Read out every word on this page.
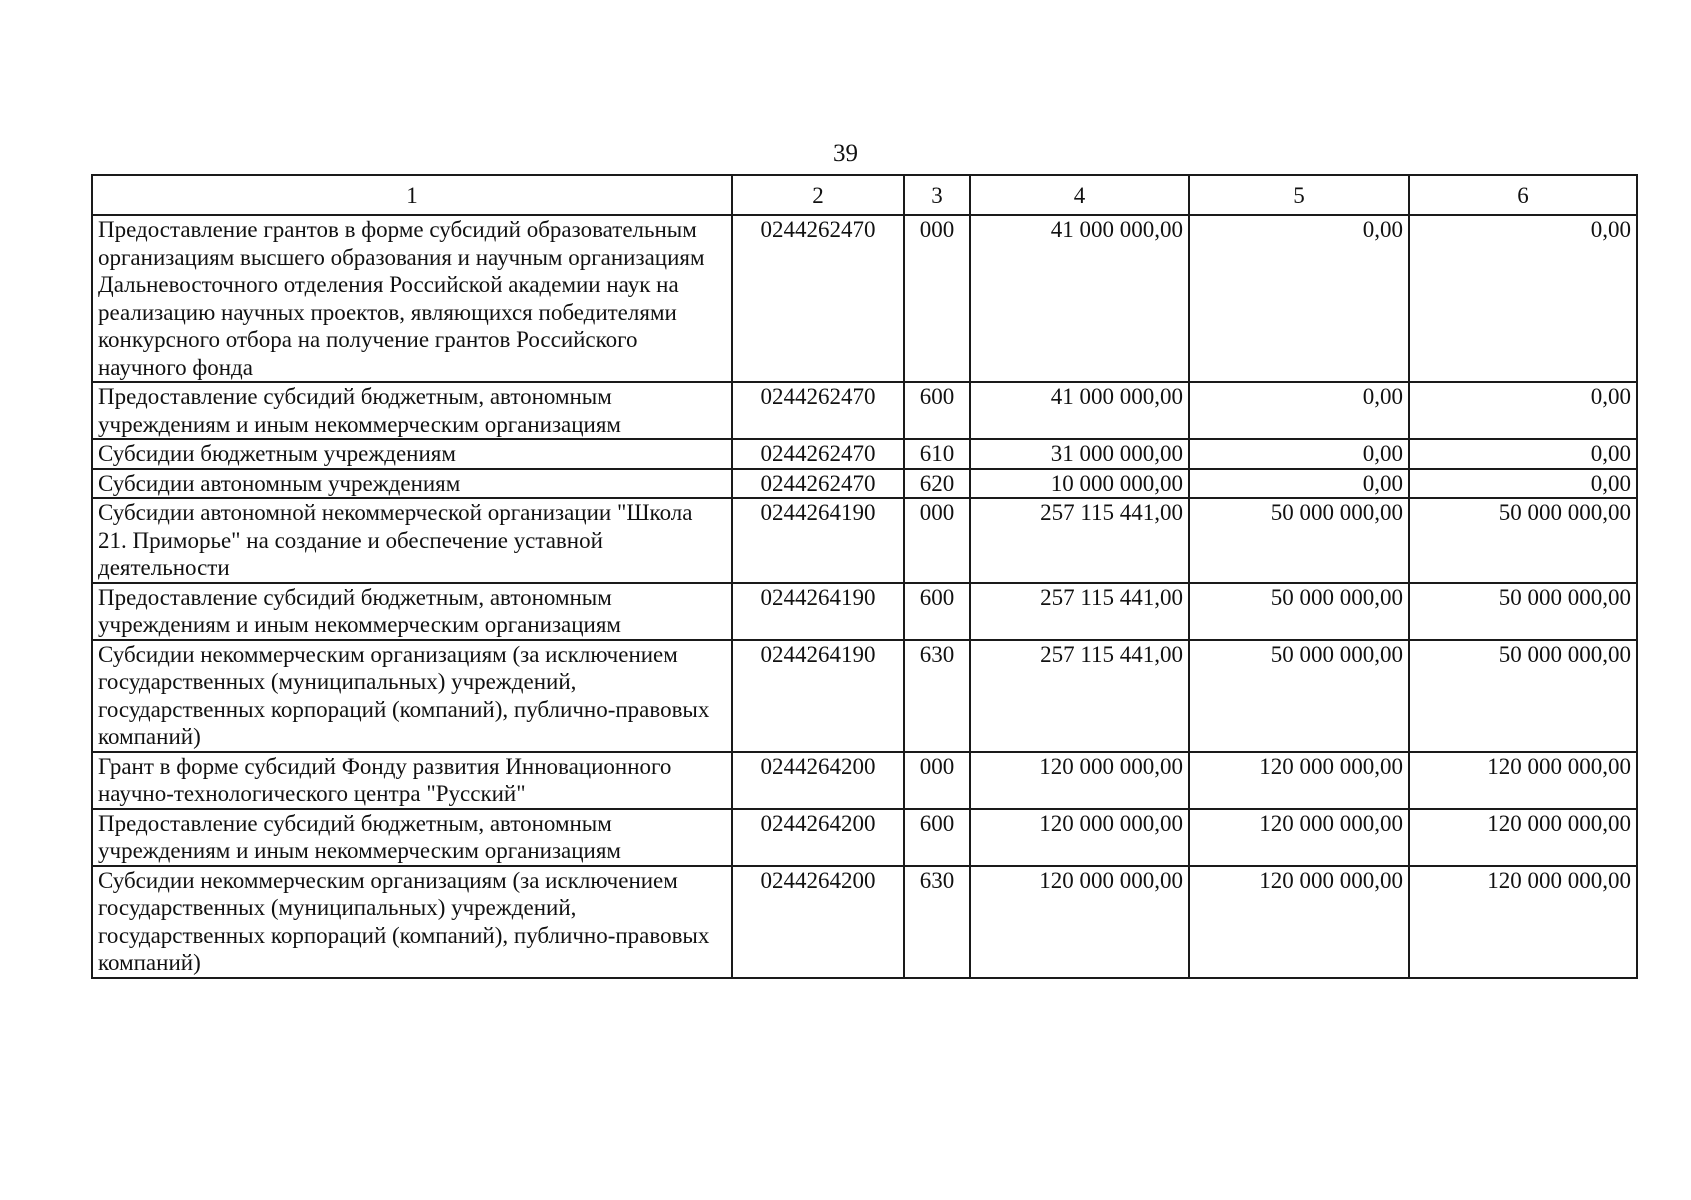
39
1	2	3	4	5	6
Предоставление грантов в форме субсидий образовательным организациям высшего образования и научным организациям Дальневосточного отделения Российской академии наук на реализацию научных проектов, являющихся победителями конкурсного отбора на получение грантов Российского научного фонда	0244262470	000	41 000 000,00	0,00	0,00
Предоставление субсидий бюджетным, автономным учреждениям и иным некоммерческим организациям	0244262470	600	41 000 000,00	0,00	0,00
Субсидии бюджетным учреждениям	0244262470	610	31 000 000,00	0,00	0,00
Субсидии автономным учреждениям	0244262470	620	10 000 000,00	0,00	0,00
Субсидии автономной некоммерческой организации "Школа 21. Приморье" на создание и обеспечение уставной деятельности	0244264190	000	257 115 441,00	50 000 000,00	50 000 000,00
Предоставление субсидий бюджетным, автономным учреждениям и иным некоммерческим организациям	0244264190	600	257 115 441,00	50 000 000,00	50 000 000,00
Субсидии некоммерческим организациям (за исключением государственных (муниципальных) учреждений, государственных корпораций (компаний), публично-правовых компаний)	0244264190	630	257 115 441,00	50 000 000,00	50 000 000,00
Грант в форме субсидий Фонду развития Инновационного научно-технологического центра "Русский"	0244264200	000	120 000 000,00	120 000 000,00	120 000 000,00
Предоставление субсидий бюджетным, автономным учреждениям и иным некоммерческим организациям	0244264200	600	120 000 000,00	120 000 000,00	120 000 000,00
Субсидии некоммерческим организациям (за исключением государственных (муниципальных) учреждений, государственных корпораций (компаний), публично-правовых компаний)	0244264200	630	120 000 000,00	120 000 000,00	120 000 000,00
